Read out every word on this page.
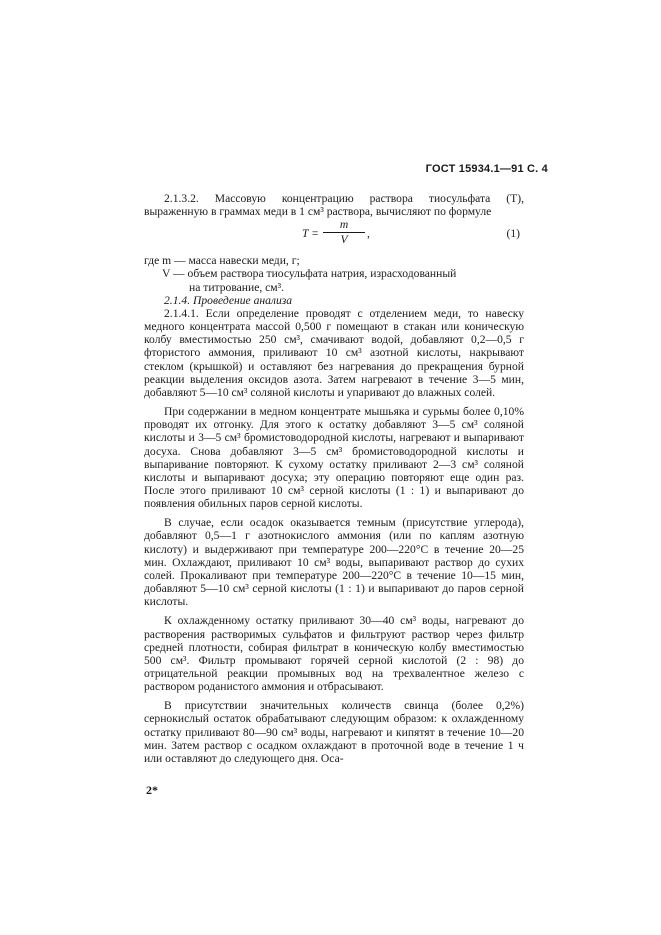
ГОСТ 15934.1—91 С. 4

2.1.3.2. Массовую концентрацию раствора тиосульфата (T), выраженную в граммах меди в 1 см³ раствора, вычисляют по формуле

$T = \frac{m}{V}$ ,	(1)

где m — масса навески меди, г;

V — объем раствора тиосульфата натрия, израсходованный

на титрование, см³.

2.1.4. Проведение анализа

2.1.4.1. Если определение проводят с отделением меди, то навеску медного концентрата массой 0,500 г помещают в стакан или коническую колбу вместимостью 250 см³, смачивают водой, добавляют 0,2—0,5 г фтористого аммония, приливают 10 см³ азотной кислоты, накрывают стеклом (крышкой) и оставляют без нагревания до прекращения бурной реакции выделения оксидов азота. Затем нагревают в течение 3—5 мин, добавляют 5—10 см³ соляной кислоты и упаривают до влажных солей.

При содержании в медном концентрате мышьяка и сурьмы более 0,10% проводят их отгонку. Для этого к остатку добавляют 3—5 см³ соляной кислоты и 3—5 см³ бромистоводородной кислоты, нагревают и выпаривают досуха. Снова добавляют 3—5 см³ бромистоводородной кислоты и выпаривание повторяют. К сухому остатку приливают 2—3 см³ соляной кислоты и выпаривают досуха; эту операцию повторяют еще один раз. После этого приливают 10 см³ серной кислоты (1 : 1) и выпаривают до появления обильных паров серной кислоты.

В случае, если осадок оказывается темным (присутствие углерода), добавляют 0,5—1 г азотнокислого аммония (или по каплям азотную кислоту) и выдерживают при температуре 200—220°С в течение 20—25 мин. Охлаждают, приливают 10 см³ воды, выпаривают раствор до сухих солей. Прокаливают при температуре 200—220°С в течение 10—15 мин, добавляют 5—10 см³ серной кислоты (1 : 1) и выпаривают до паров серной кислоты.

К охлажденному остатку приливают 30—40 см³ воды, нагревают до растворения растворимых сульфатов и фильтруют раствор через фильтр средней плотности, собирая фильтрат в коническую колбу вместимостью 500 см³. Фильтр промывают горячей серной кислотой (2 : 98) до отрицательной реакции промывных вод на трехвалентное железо с раствором роданистого аммония и отбрасывают.

В присутствии значительных количеств свинца (более 0,2%) сернокислый остаток обрабатывают следующим образом: к охлажденному остатку приливают 80—90 см³ воды, нагревают и кипятят в течение 10—20 мин. Затем раствор с осадком охлаждают в проточной воде в течение 1 ч или оставляют до следующего дня. Оса-

2*
